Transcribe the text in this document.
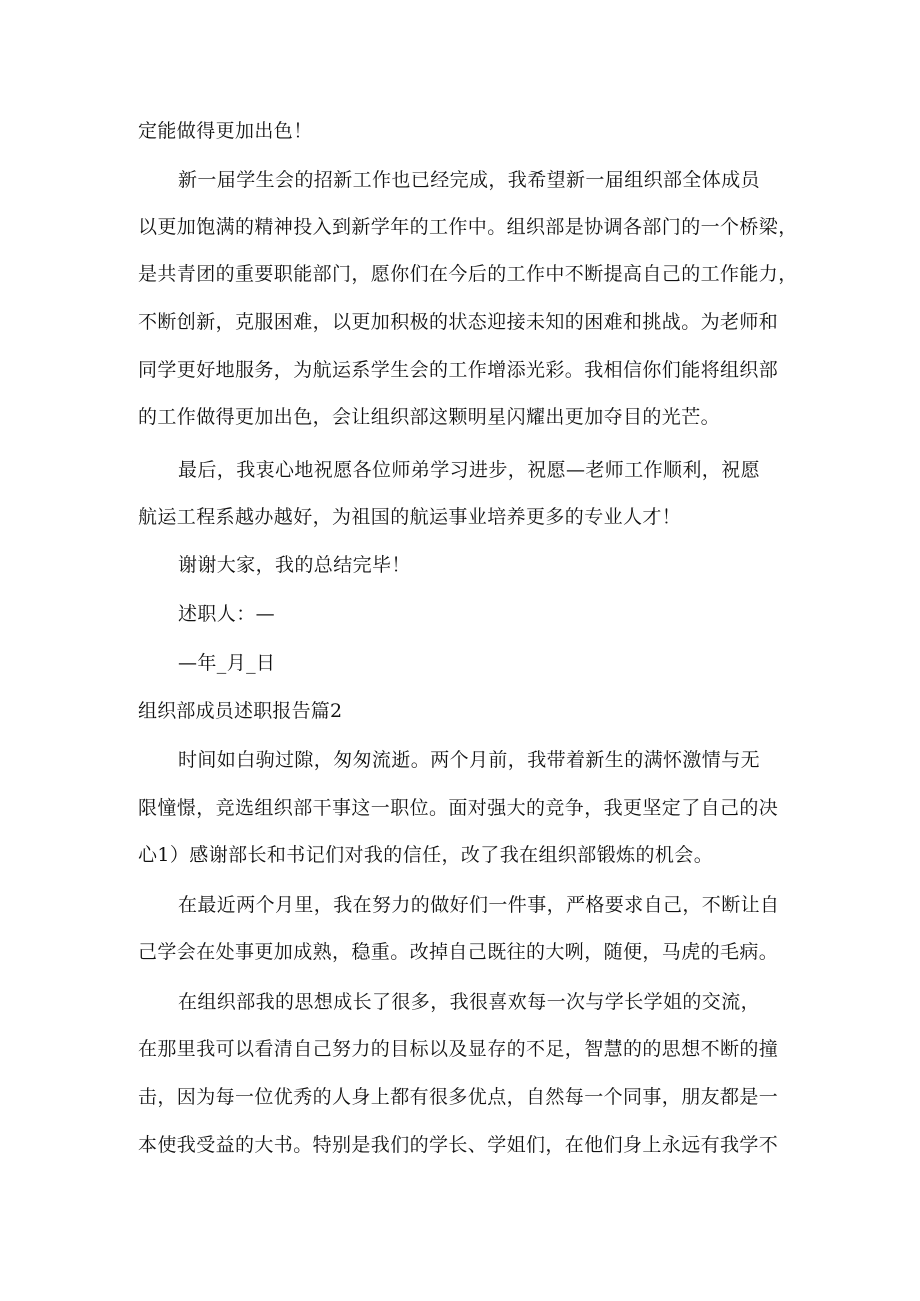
定能做得更加出色！
新一届学生会的招新工作也已经完成，我希望新一届组织部全体成员
以更加饱满的精神投入到新学年的工作中。组织部是协调各部门的一个桥梁，
是共青团的重要职能部门，愿你们在今后的工作中不断提高自己的工作能力，
不断创新，克服困难，以更加积极的状态迎接未知的困难和挑战。为老师和
同学更好地服务，为航运系学生会的工作增添光彩。我相信你们能将组织部
的工作做得更加出色，会让组织部这颗明星闪耀出更加夺目的光芒。
最后，我衷心地祝愿各位师弟学习进步，祝愿—老师工作顺利，祝愿
航运工程系越办越好，为祖国的航运事业培养更多的专业人才！
谢谢大家，我的总结完毕！
述职人：—
—年_月_日
组织部成员述职报告篇2
时间如白驹过隙，匆匆流逝。两个月前，我带着新生的满怀激情与无
限憧憬，竞选组织部干事这一职位。面对强大的竞争，我更坚定了自己的决
心1）感谢部长和书记们对我的信任，改了我在组织部锻炼的机会。
在最近两个月里，我在努力的做好们一件事，严格要求自己，不断让自
己学会在处事更加成熟，稳重。改掉自己既往的大咧，随便，马虎的毛病。
在组织部我的思想成长了很多，我很喜欢每一次与学长学姐的交流，
在那里我可以看清自己努力的目标以及显存的不足，智慧的的思想不断的撞
击，因为每一位优秀的人身上都有很多优点，自然每一个同事，朋友都是一
本使我受益的大书。特别是我们的学长、学姐们，在他们身上永远有我学不
